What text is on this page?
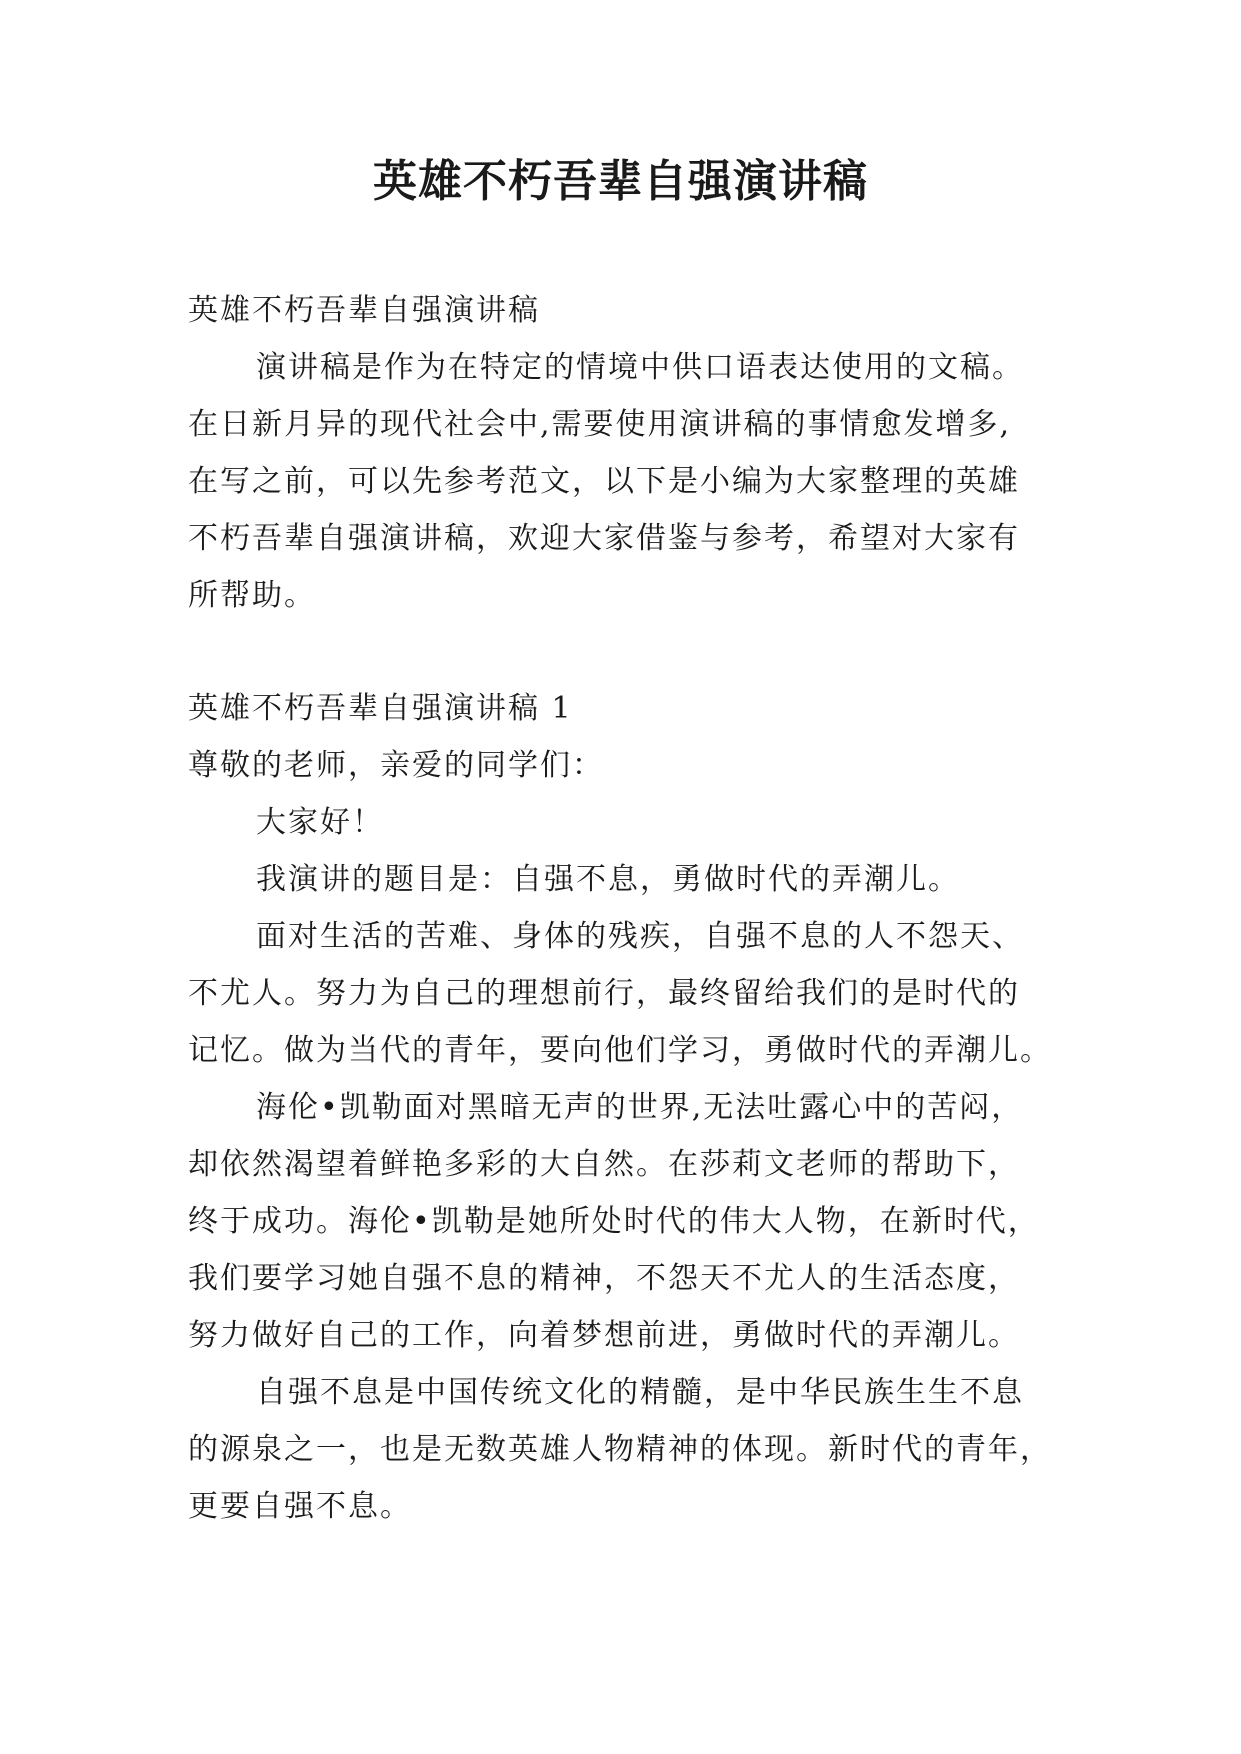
英雄不朽吾辈自强演讲稿
英雄不朽吾辈自强演讲稿
演讲稿是作为在特定的情境中供口语表达使用的文稿。
在日新月异的现代社会中,需要使用演讲稿的事情愈发增多,
在写之前，可以先参考范文，以下是小编为大家整理的英雄
不朽吾辈自强演讲稿，欢迎大家借鉴与参考，希望对大家有
所帮助。
英雄不朽吾辈自强演讲稿 1
尊敬的老师，亲爱的同学们：
大家好！
我演讲的题目是：自强不息，勇做时代的弄潮儿。
面对生活的苦难、身体的残疾，自强不息的人不怨天、
不尤人。努力为自己的理想前行，最终留给我们的是时代的
记忆。做为当代的青年，要向他们学习，勇做时代的弄潮儿。
海伦•凯勒面对黑暗无声的世界,无法吐露心中的苦闷，
却依然渴望着鲜艳多彩的大自然。在莎莉文老师的帮助下，
终于成功。海伦•凯勒是她所处时代的伟大人物，在新时代，
我们要学习她自强不息的精神，不怨天不尤人的生活态度，
努力做好自己的工作，向着梦想前进，勇做时代的弄潮儿。
自强不息是中国传统文化的精髓，是中华民族生生不息
的源泉之一，也是无数英雄人物精神的体现。新时代的青年，
更要自强不息。
